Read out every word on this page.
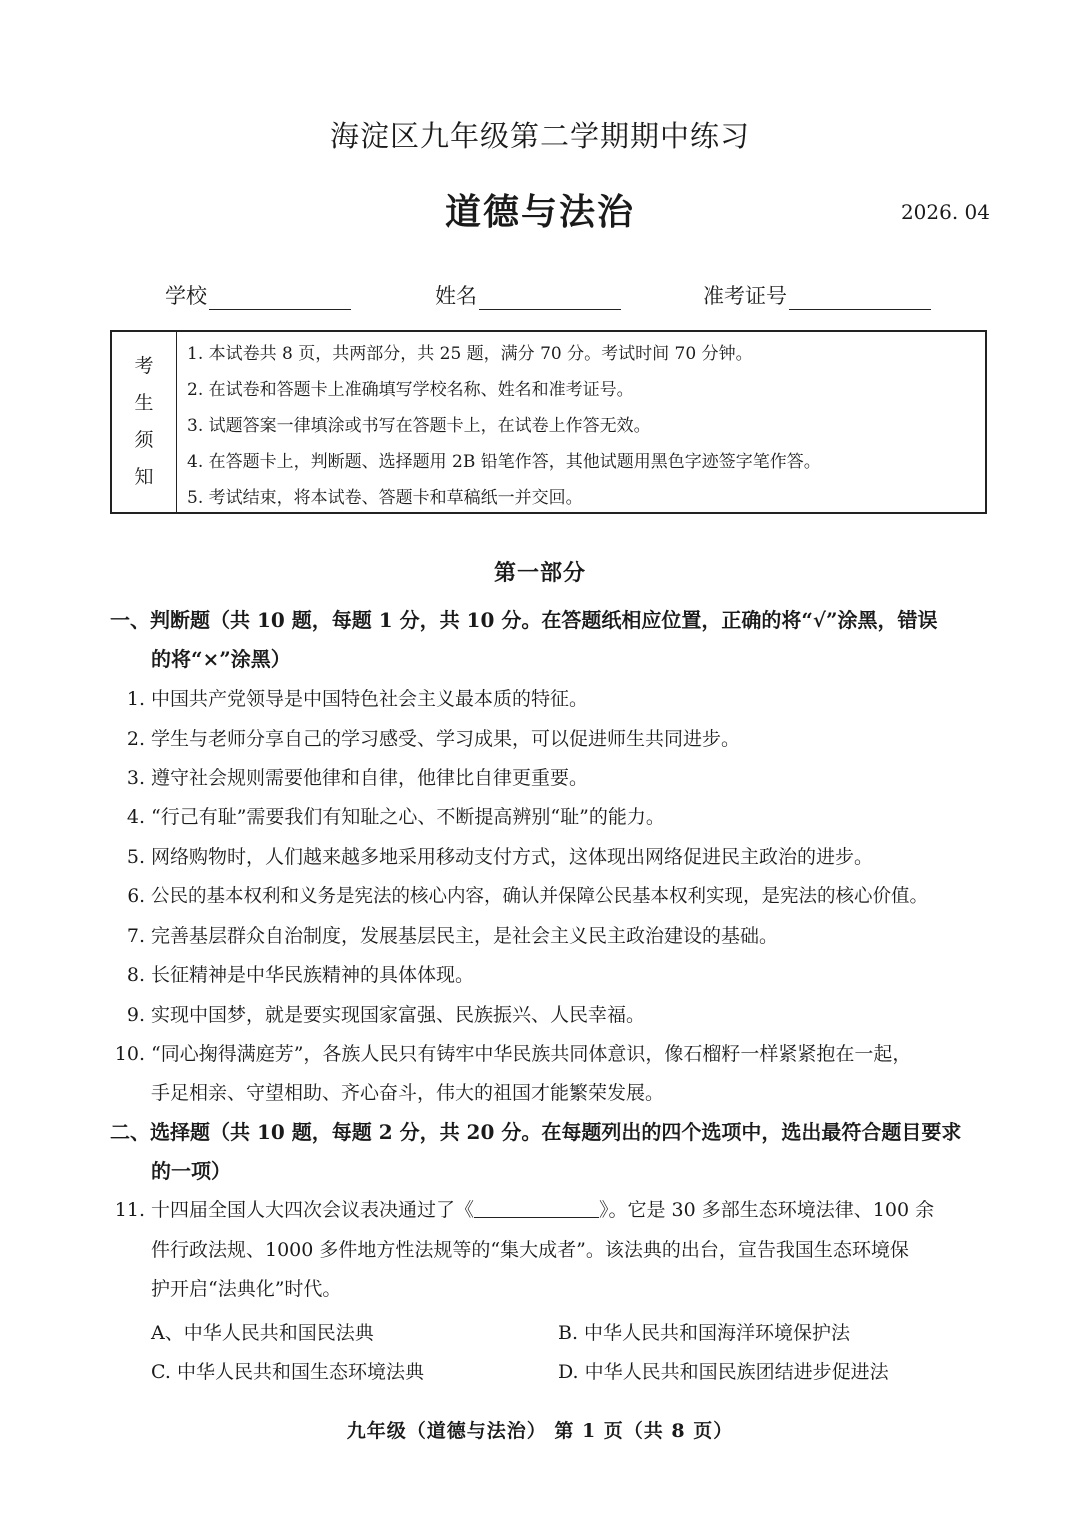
海淀区九年级第二学期期中练习
道德与法治	2026. 04
学校	姓名	准考证号
考
生
须
知
1. 本试卷共 8 页，共两部分，共 25 题，满分 70 分。考试时间 70 分钟。
2. 在试卷和答题卡上准确填写学校名称、姓名和准考证号。
3. 试题答案一律填涂或书写在答题卡上，在试卷上作答无效。
4. 在答题卡上，判断题、选择题用 2B 铅笔作答，其他试题用黑色字迹签字笔作答。
5. 考试结束，将本试卷、答题卡和草稿纸一并交回。
第一部分
一、判断题（共 10 题，每题 1 分，共 10 分。在答题纸相应位置，正确的将“√”涂黑，错误
的将“×”涂黑）
1. 中国共产党领导是中国特色社会主义最本质的特征。
2. 学生与老师分享自己的学习感受、学习成果，可以促进师生共同进步。
3. 遵守社会规则需要他律和自律，他律比自律更重要。
4. “行己有耻”需要我们有知耻之心、不断提高辨别“耻”的能力。
5. 网络购物时，人们越来越多地采用移动支付方式，这体现出网络促进民主政治的进步。
6. 公民的基本权利和义务是宪法的核心内容，确认并保障公民基本权利实现，是宪法的核心价值。
7. 完善基层群众自治制度，发展基层民主，是社会主义民主政治建设的基础。
8. 长征精神是中华民族精神的具体体现。
9. 实现中国梦，就是要实现国家富强、民族振兴、人民幸福。
10. “同心掬得满庭芳”，各族人民只有铸牢中华民族共同体意识，像石榴籽一样紧紧抱在一起，
手足相亲、守望相助、齐心奋斗，伟大的祖国才能繁荣发展。
二、选择题（共 10 题，每题 2 分，共 20 分。在每题列出的四个选项中，选出最符合题目要求
的一项）
11. 十四届全国人大四次会议表决通过了《	》。它是 30 多部生态环境法律、100 余
件行政法规、1000 多件地方性法规等的“集大成者”。该法典的出台，宣告我国生态环境保
护开启“法典化”时代。
A、中华人民共和国民法典	B. 中华人民共和国海洋环境保护法
C. 中华人民共和国生态环境法典	D. 中华人民共和国民族团结进步促进法
九年级（道德与法治） 第 1 页（共 8 页）
